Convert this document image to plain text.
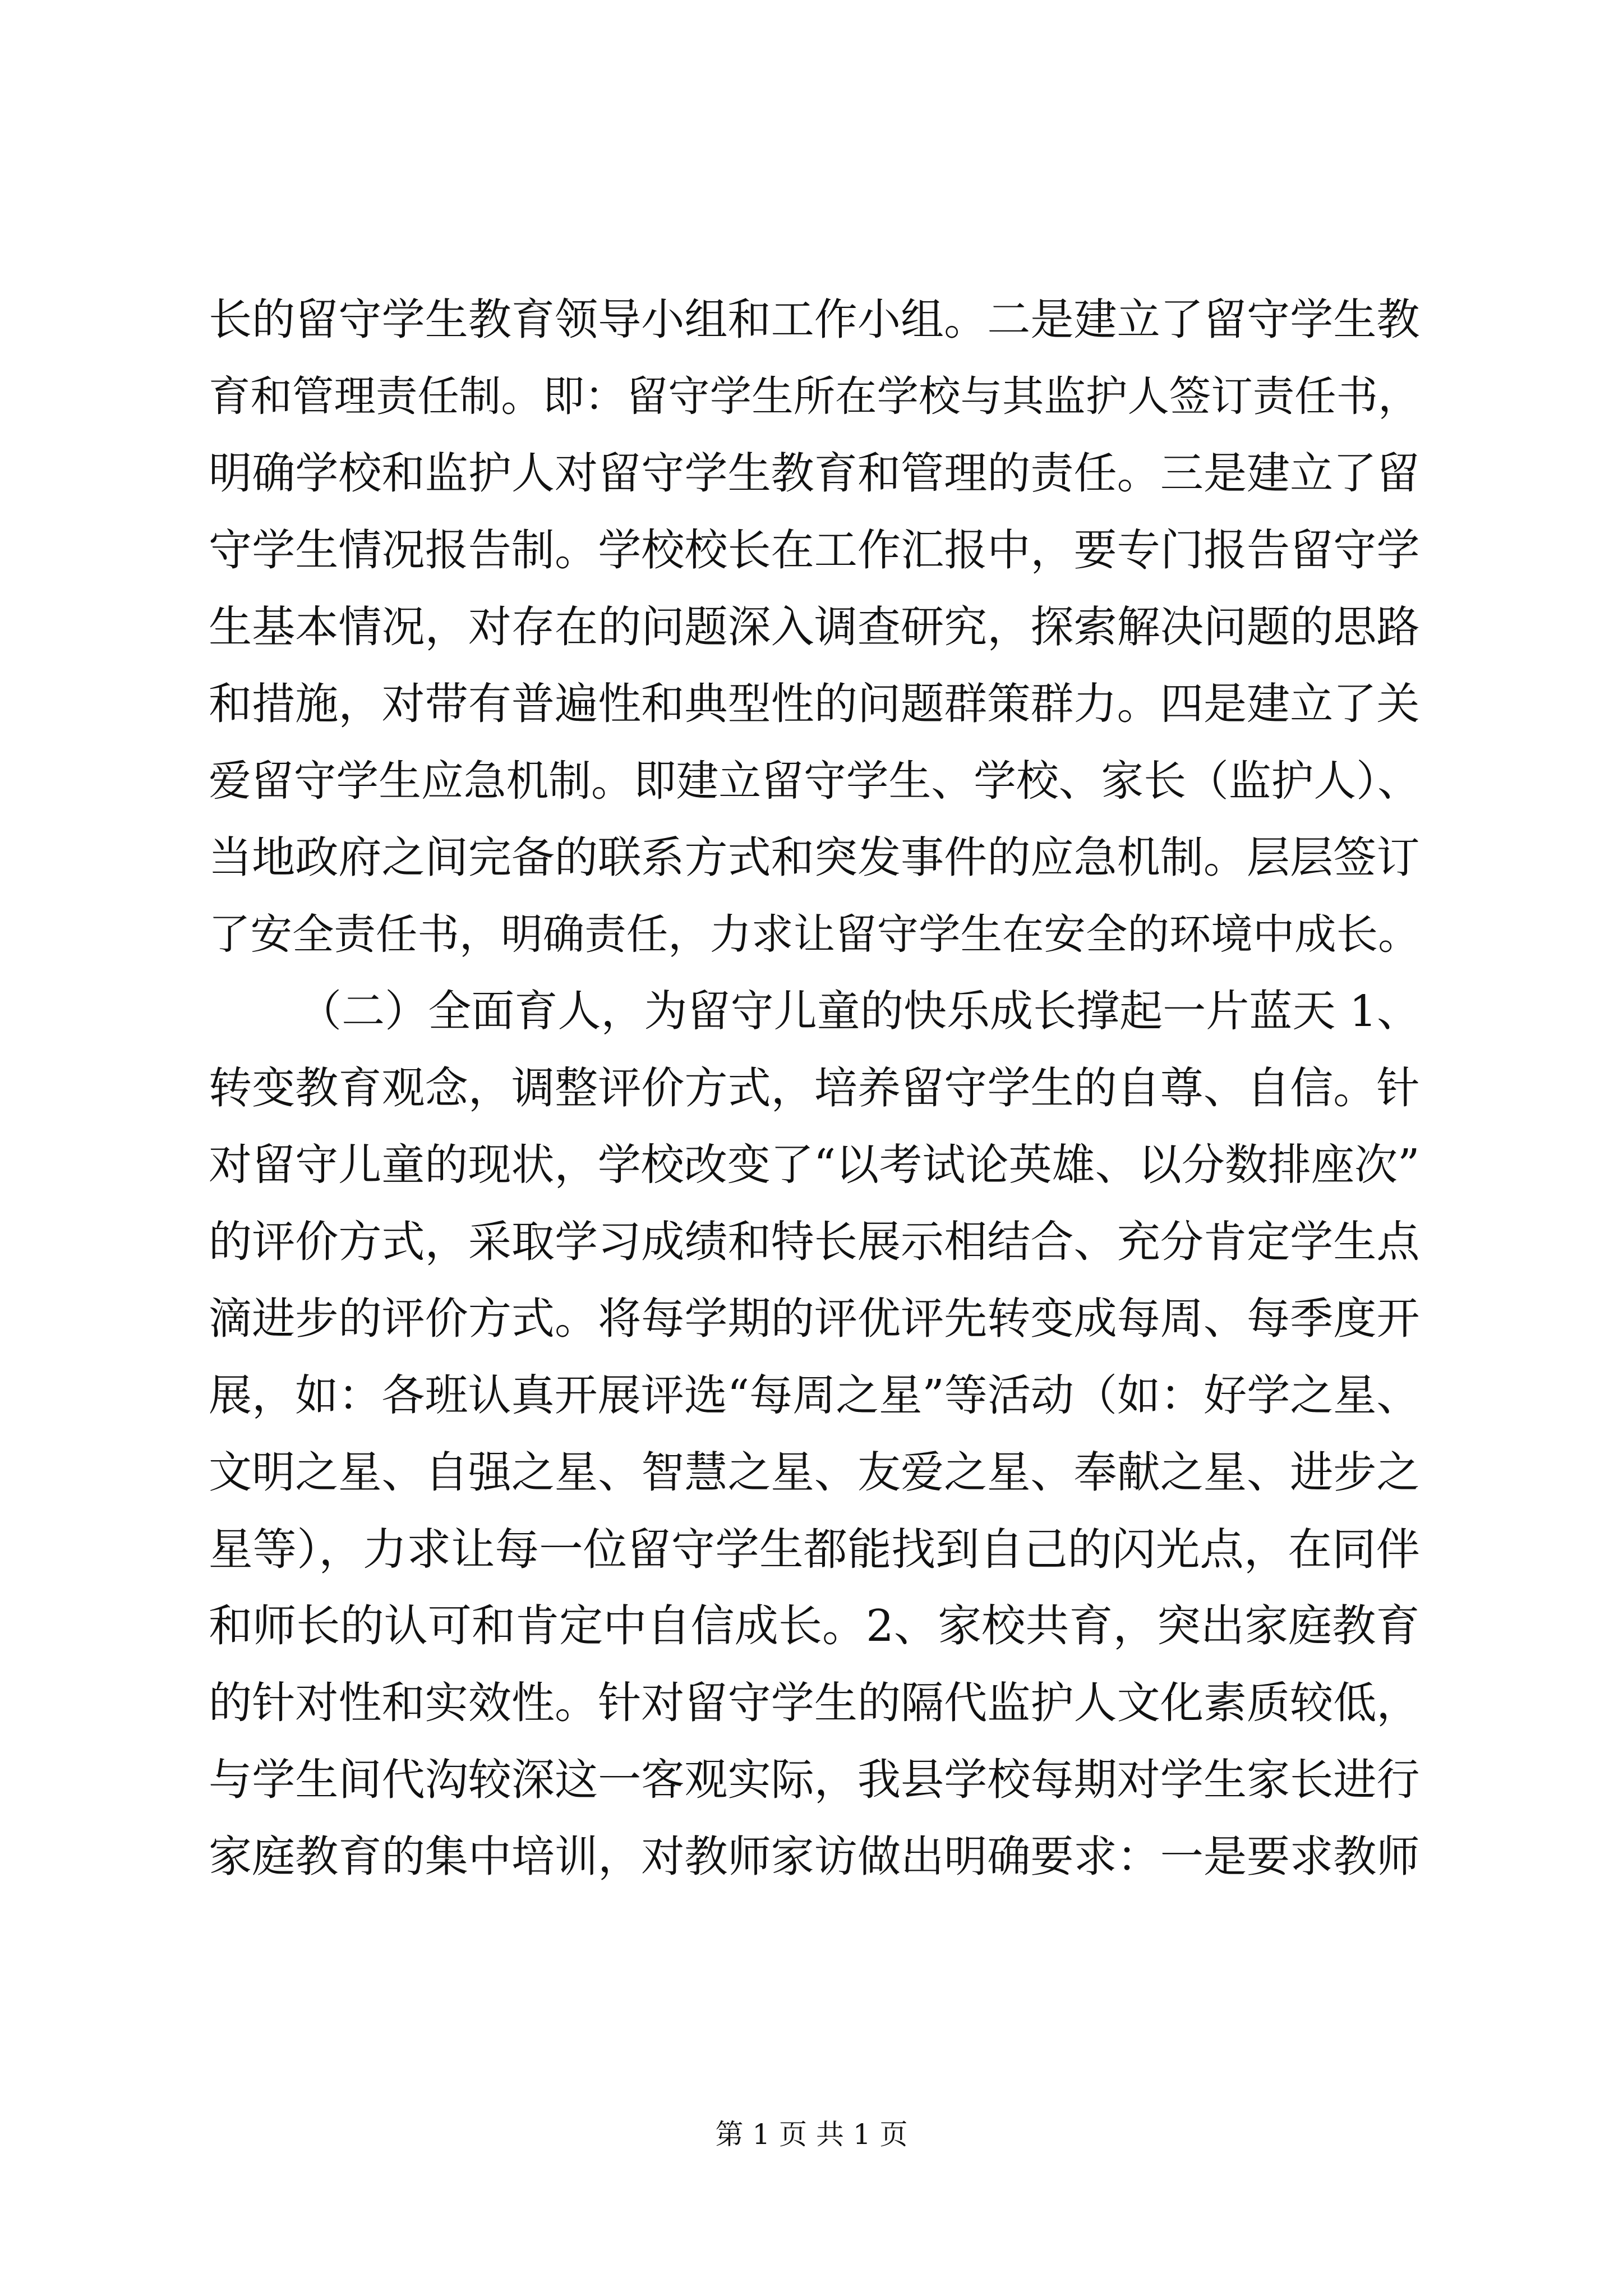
长的留守学生教育领导小组和工作小组。二是建立了留守学生教
育和管理责任制。即：留守学生所在学校与其监护人签订责任书，
明确学校和监护人对留守学生教育和管理的责任。三是建立了留
守学生情况报告制。学校校长在工作汇报中，要专门报告留守学
生基本情况，对存在的问题深入调查研究，探索解决问题的思路
和措施，对带有普遍性和典型性的问题群策群力。四是建立了关
爱留守学生应急机制。即建立留守学生、学校、家长（监护人）、
当地政府之间完备的联系方式和突发事件的应急机制。层层签订
了安全责任书，明确责任，力求让留守学生在安全的环境中成长。
（二）全面育人，为留守儿童的快乐成长撑起一片蓝天 1、
转变教育观念，调整评价方式，培养留守学生的自尊、自信。针
对留守儿童的现状，学校改变了“以考试论英雄、以分数排座次”
的评价方式，采取学习成绩和特长展示相结合、充分肯定学生点
滴进步的评价方式。将每学期的评优评先转变成每周、每季度开
展，如：各班认真开展评选“每周之星”等活动（如：好学之星、
文明之星、自强之星、智慧之星、友爱之星、奉献之星、进步之
星等），力求让每一位留守学生都能找到自己的闪光点，在同伴
和师长的认可和肯定中自信成长。2、家校共育，突出家庭教育
的针对性和实效性。针对留守学生的隔代监护人文化素质较低，
与学生间代沟较深这一客观实际，我县学校每期对学生家长进行
家庭教育的集中培训，对教师家访做出明确要求：一是要求教师
第 1 页 共 1 页
